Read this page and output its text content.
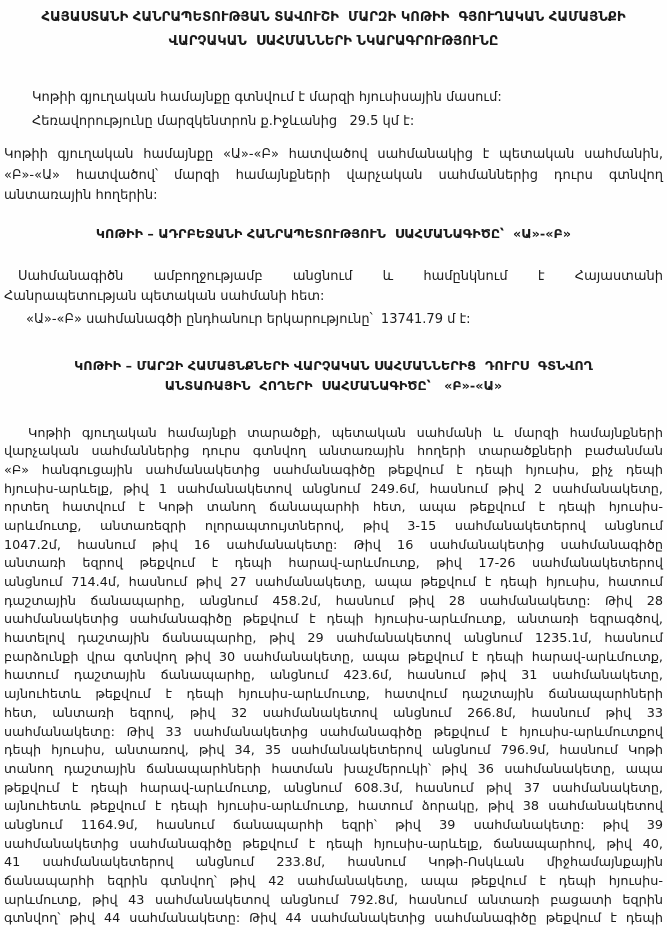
ՀԱՅԱՍՏԱՆԻ ՀԱՆՐԱՊԵՏՈՒԹՅԱՆ ՏԱՎՈՒՇԻ  ՄԱՐԶԻ ԿՈԹԻԻ  ԳՅՈՒՂԱԿԱՆ ՀԱՄԱՅՆՔԻ
ՎԱՐՉԱԿԱՆ  ՍԱՀՄԱՆՆԵՐԻ ՆԿԱՐԱԳՐՈՒԹՅՈՒՆԸ

Կոթիի գյուղական համայնքը գտնվում է մարզի հյուսիսային մասում:

Հեռավորությունը մարզկենտրոն ք.Իջևանից   29.5 կմ է:

Կոթիի գյուղական համայնքը «Ա»-«Բ» հատվածով սահմանակից է պետական սահմանին,
«Բ»-«Ա» հատվածով՝ մարզի համայնքների վարչական սահմաններից դուրս գտնվող
անտառային հողերին:
ԿՈԹԻԻ – ԱԴՐԲԵՋԱՆԻ ՀԱՆՐԱՊԵՏՈՒԹՅՈՒՆ  ՍԱՀՄԱՆԱԳԻԾԸ՝  «Ա»-«Բ»
Սահմանագիծն ամբողջությամբ անցնում և համընկնում է Հայաստանի
Հանրապետության պետական սահմանի հետ:

«Ա»-«Բ» սահմանագծի ընդհանուր երկարությունը՝  13741.79 մ է:

ԿՈԹԻԻ – ՄԱՐԶԻ ՀԱՄԱՅՆՔՆԵՐԻ ՎԱՐՉԱԿԱՆ ՍԱՀՄԱՆՆԵՐԻՑ  ԴՈՒՐՍ  ԳՏՆՎՈՂ
ԱՆՏԱՌԱՅԻՆ  ՀՈՂԵՐԻ  ՍԱՀՄԱՆԱԳԻԾԸ՝   «Բ»-«Ա»
Կոթիի գյուղական համայնքի տարածքի, պետական սահմանի և մարզի համայնքների
վարչական սահմաններից դուրս գտնվող անտառային հողերի տարածքների բաժանման
«Բ» հանգուցային սահմանակետից սահմանագիծը թեքվում է դեպի հյուսիս, քիչ դեպի
հյուսիս-արևելք, թիվ 1 սահմանակետով անցնում 249.6մ, հասնում թիվ 2 սահմանակետը,
որտեղ հատվում է Կոթի տանող ճանապարհի հետ, ապա թեքվում է դեպի հյուսիս-
արևմուտք, անտառեզրի ոլորապտույտներով, թիվ 3-15 սահմանակետերով անցնում
1047.2մ, հասնում թիվ 16 սահմանակետը: Թիվ 16 սահմանակետից սահմանագիծը
անտառի եզրով թեքվում է դեպի հարավ-արևմուտք, թիվ 17-26 սահմանակետերով
անցնում 714.4մ, հասնում թիվ 27 սահմանակետը, ապա թեքվում է դեպի հյուսիս, հատում
դաշտային ճանապարհը, անցնում 458.2մ, հասնում թիվ 28 սահմանակետը: Թիվ 28
սահմանակետից սահմանագիծը թեքվում է դեպի հյուսիս-արևմուտք, անտառի եզրագծով,
հատելով դաշտային ճանապարհը, թիվ 29 սահմանակետով անցնում 1235.1մ, հասնում
բարձունքի վրա գտնվող թիվ 30 սահմանակետը, ապա թեքվում է դեպի հարավ-արևմուտք,
հատում դաշտային ճանապարհը, անցնում 423.6մ, հասնում թիվ 31 սահմանակետը,
այնուհետև թեքվում է դեպի հյուսիս-արևմուտք, հատվում դաշտային ճանապարհների
հետ, անտառի եզրով, թիվ 32 սահմանակետով անցնում 266.8մ, հասնում թիվ 33
սահմանակետը: Թիվ 33 սահմանակետից սահմանագիծը թեքվում է հյուսիս-արևմուտքով
դեպի հյուսիս, անտառով, թիվ 34, 35 սահմանակետերով անցնում 796.9մ, հասնում Կոթի
տանող դաշտային ճանապարհների հատման խաչմերուկի՝ թիվ 36 սահմանակետը, ապա
թեքվում է դեպի հարավ-արևմուտք, անցնում 608.3մ, հասնում թիվ 37 սահմանակետը,
այնուհետև թեքվում է դեպի հյուսիս-արևմուտք, հատում ձորակը, թիվ 38 սահմանակետով
անցնում 1164.9մ, հասնում ճանապարհի եզրի՝ թիվ 39 սահմանակետը: թիվ 39
սահմանակետից սահմանագիծը թեքվում է դեպի հյուսիս-արևելք, ճանապարհով, թիվ 40,
41 սահմանակետերով անցնում 233.8մ, հասնում Կոթի-Ոսկևան միջհամայնքային
ճանապարհի եզրին գտնվող՝ թիվ 42 սահմանակետը, ապա թեքվում է դեպի հյուսիս-
արևմուտք, թիվ 43 սահմանակետով անցնում 792.8մ, հասնում անտառի բացատի եզրին
գտնվող՝ թիվ 44 սահմանակետը: Թիվ 44 սահմանակետից սահմանագիծը թեքվում է դեպի
